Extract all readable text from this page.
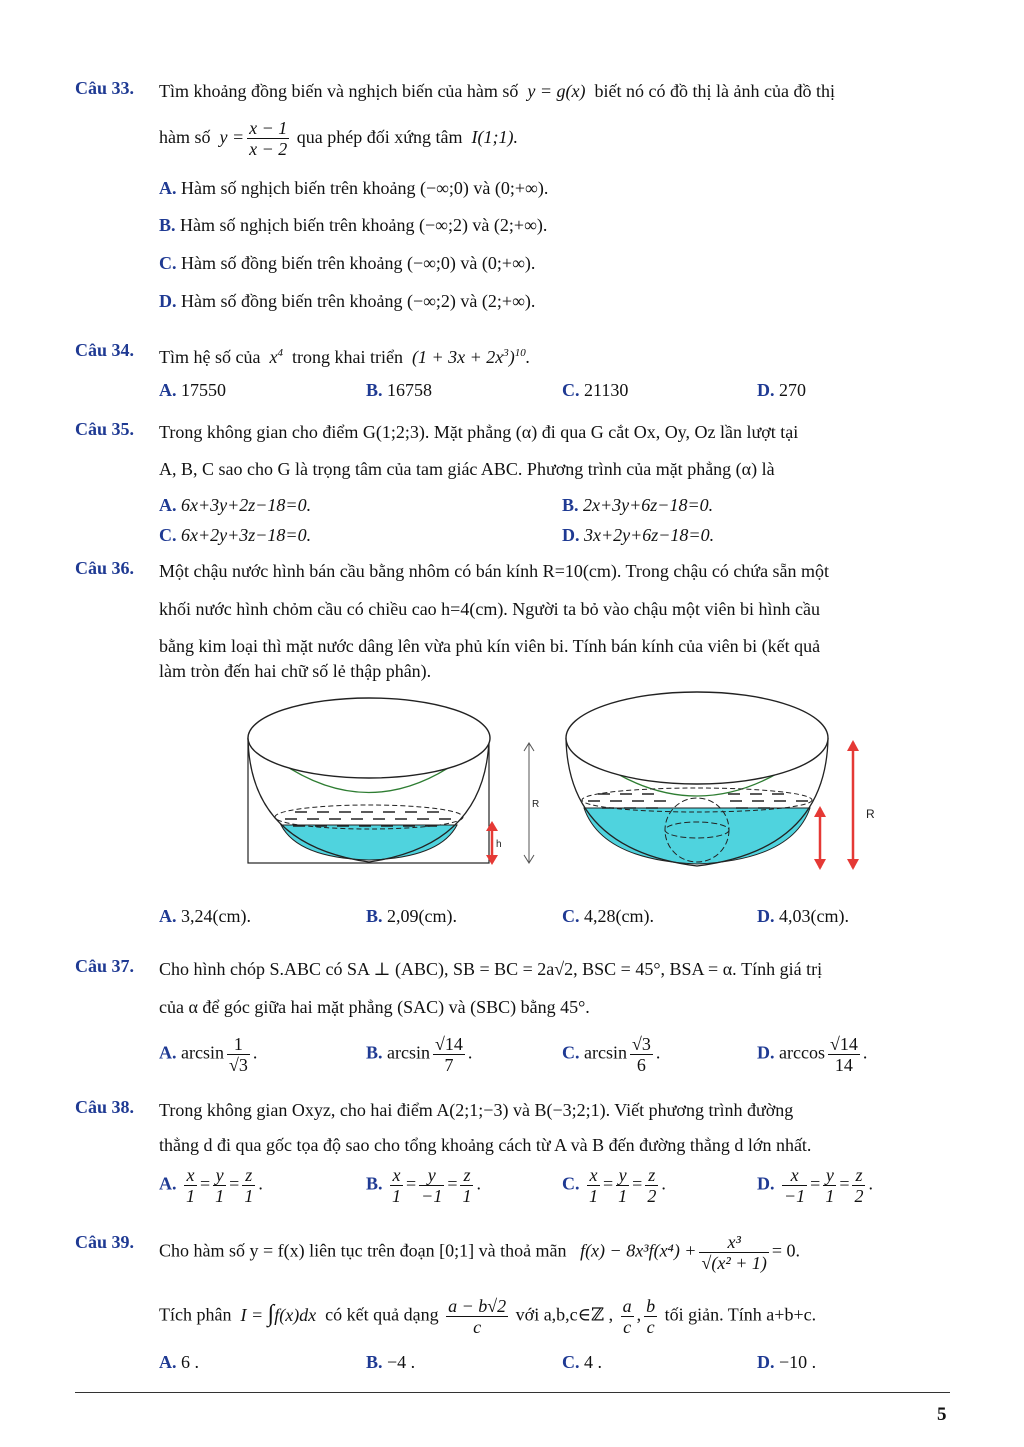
Câu 33. Tìm khoảng đồng biến và nghịch biến của hàm số  y = g(x)  biết nó có đồ thị là ảnh của đồ thị
hàm số  $y = \frac{x - 1}{x - 2}$ qua phép đối xứng tâm  I(1;1).
A. Hàm số nghịch biến trên khoảng (−∞;0) và (0;+∞).
B. Hàm số nghịch biến trên khoảng (−∞;2) và (2;+∞).
C. Hàm số đồng biến trên khoảng (−∞;0) và (0;+∞).
D. Hàm số đồng biến trên khoảng (−∞;2) và (2;+∞).
Câu 34. Tìm hệ số của  $x^4$ trong khai triển  $(1 + 3x + 2x^3)^{10}$.
A. 17550	B. 16758	C. 21130	D. 270
Câu 35. Trong không gian cho điểm G(1;2;3). Mặt phẳng (α) đi qua G cắt Ox, Oy, Oz lần lượt tại
A, B, C sao cho G là trọng tâm của tam giác ABC. Phương trình của mặt phẳng (α) là
A. 6x+3y+2z−18=0.	B. 2x+3y+6z−18=0.
C. 6x+2y+3z−18=0.	D. 3x+2y+6z−18=0.
Câu 36. Một chậu nước hình bán cầu bằng nhôm có bán kính R=10(cm). Trong chậu có chứa sẵn một
khối nước hình chỏm cầu có chiều cao h=4(cm). Người ta bỏ vào chậu một viên bi hình cầu
bằng kim loại thì mặt nước dâng lên vừa phủ kín viên bi. Tính bán kính của viên bi (kết quả
làm tròn đến hai chữ số lẻ thập phân).
h
R
R
A. 3,24(cm).	B. 2,09(cm).	C. 4,28(cm).	D. 4,03(cm).
Câu 37. Cho hình chóp S.ABC có SA ⊥ (ABC), SB = BC = 2a√2, BSC = 45°, BSA = α. Tính giá trị
của α để góc giữa hai mặt phẳng (SAC) và (SBC) bằng 45°.
A. $\arcsin \frac{1}{√3}$ .	B. $\arcsin \frac{√14}{7}$ .	C. $\arcsin \frac{√3}{6}$ .	D. $\arccos \frac{√14}{14}$ .
Câu 38. Trong không gian Oxyz, cho hai điểm A(2;1;−3) và B(−3;2;1). Viết phương trình đường
thẳng d đi qua gốc tọa độ sao cho tổng khoảng cách từ A và B đến đường thẳng d lớn nhất.
A. $\frac{x}{1} = \frac{y}{1} = \frac{z}{1}$ .	B. $\frac{x}{1} = \frac{y}{-1} = \frac{z}{1}$ .	C. $\frac{x}{1} = \frac{y}{1} = \frac{z}{2}$ .	D. $\frac{x}{-1} = \frac{y}{1} = \frac{z}{2}$ .
Câu 39. Cho hàm số y = f(x) liên tục trên đoạn [0;1] và thoả mãn $f(x) - 8x^3f(x^4) + \frac{\text{x³}}{\text{√(x² + 1)}} = 0$.
Tích phân  I = ∫f(x)dx  có kết quả dạng $\frac{a - b√2}{c}$ với a,b,c∈ℤ , $\frac{a}{c}$ , $\frac{b}{c}$ tối giản. Tính a+b+c.
A. 6 .	B. −4 .	C. 4 .	D. −10 .
5
